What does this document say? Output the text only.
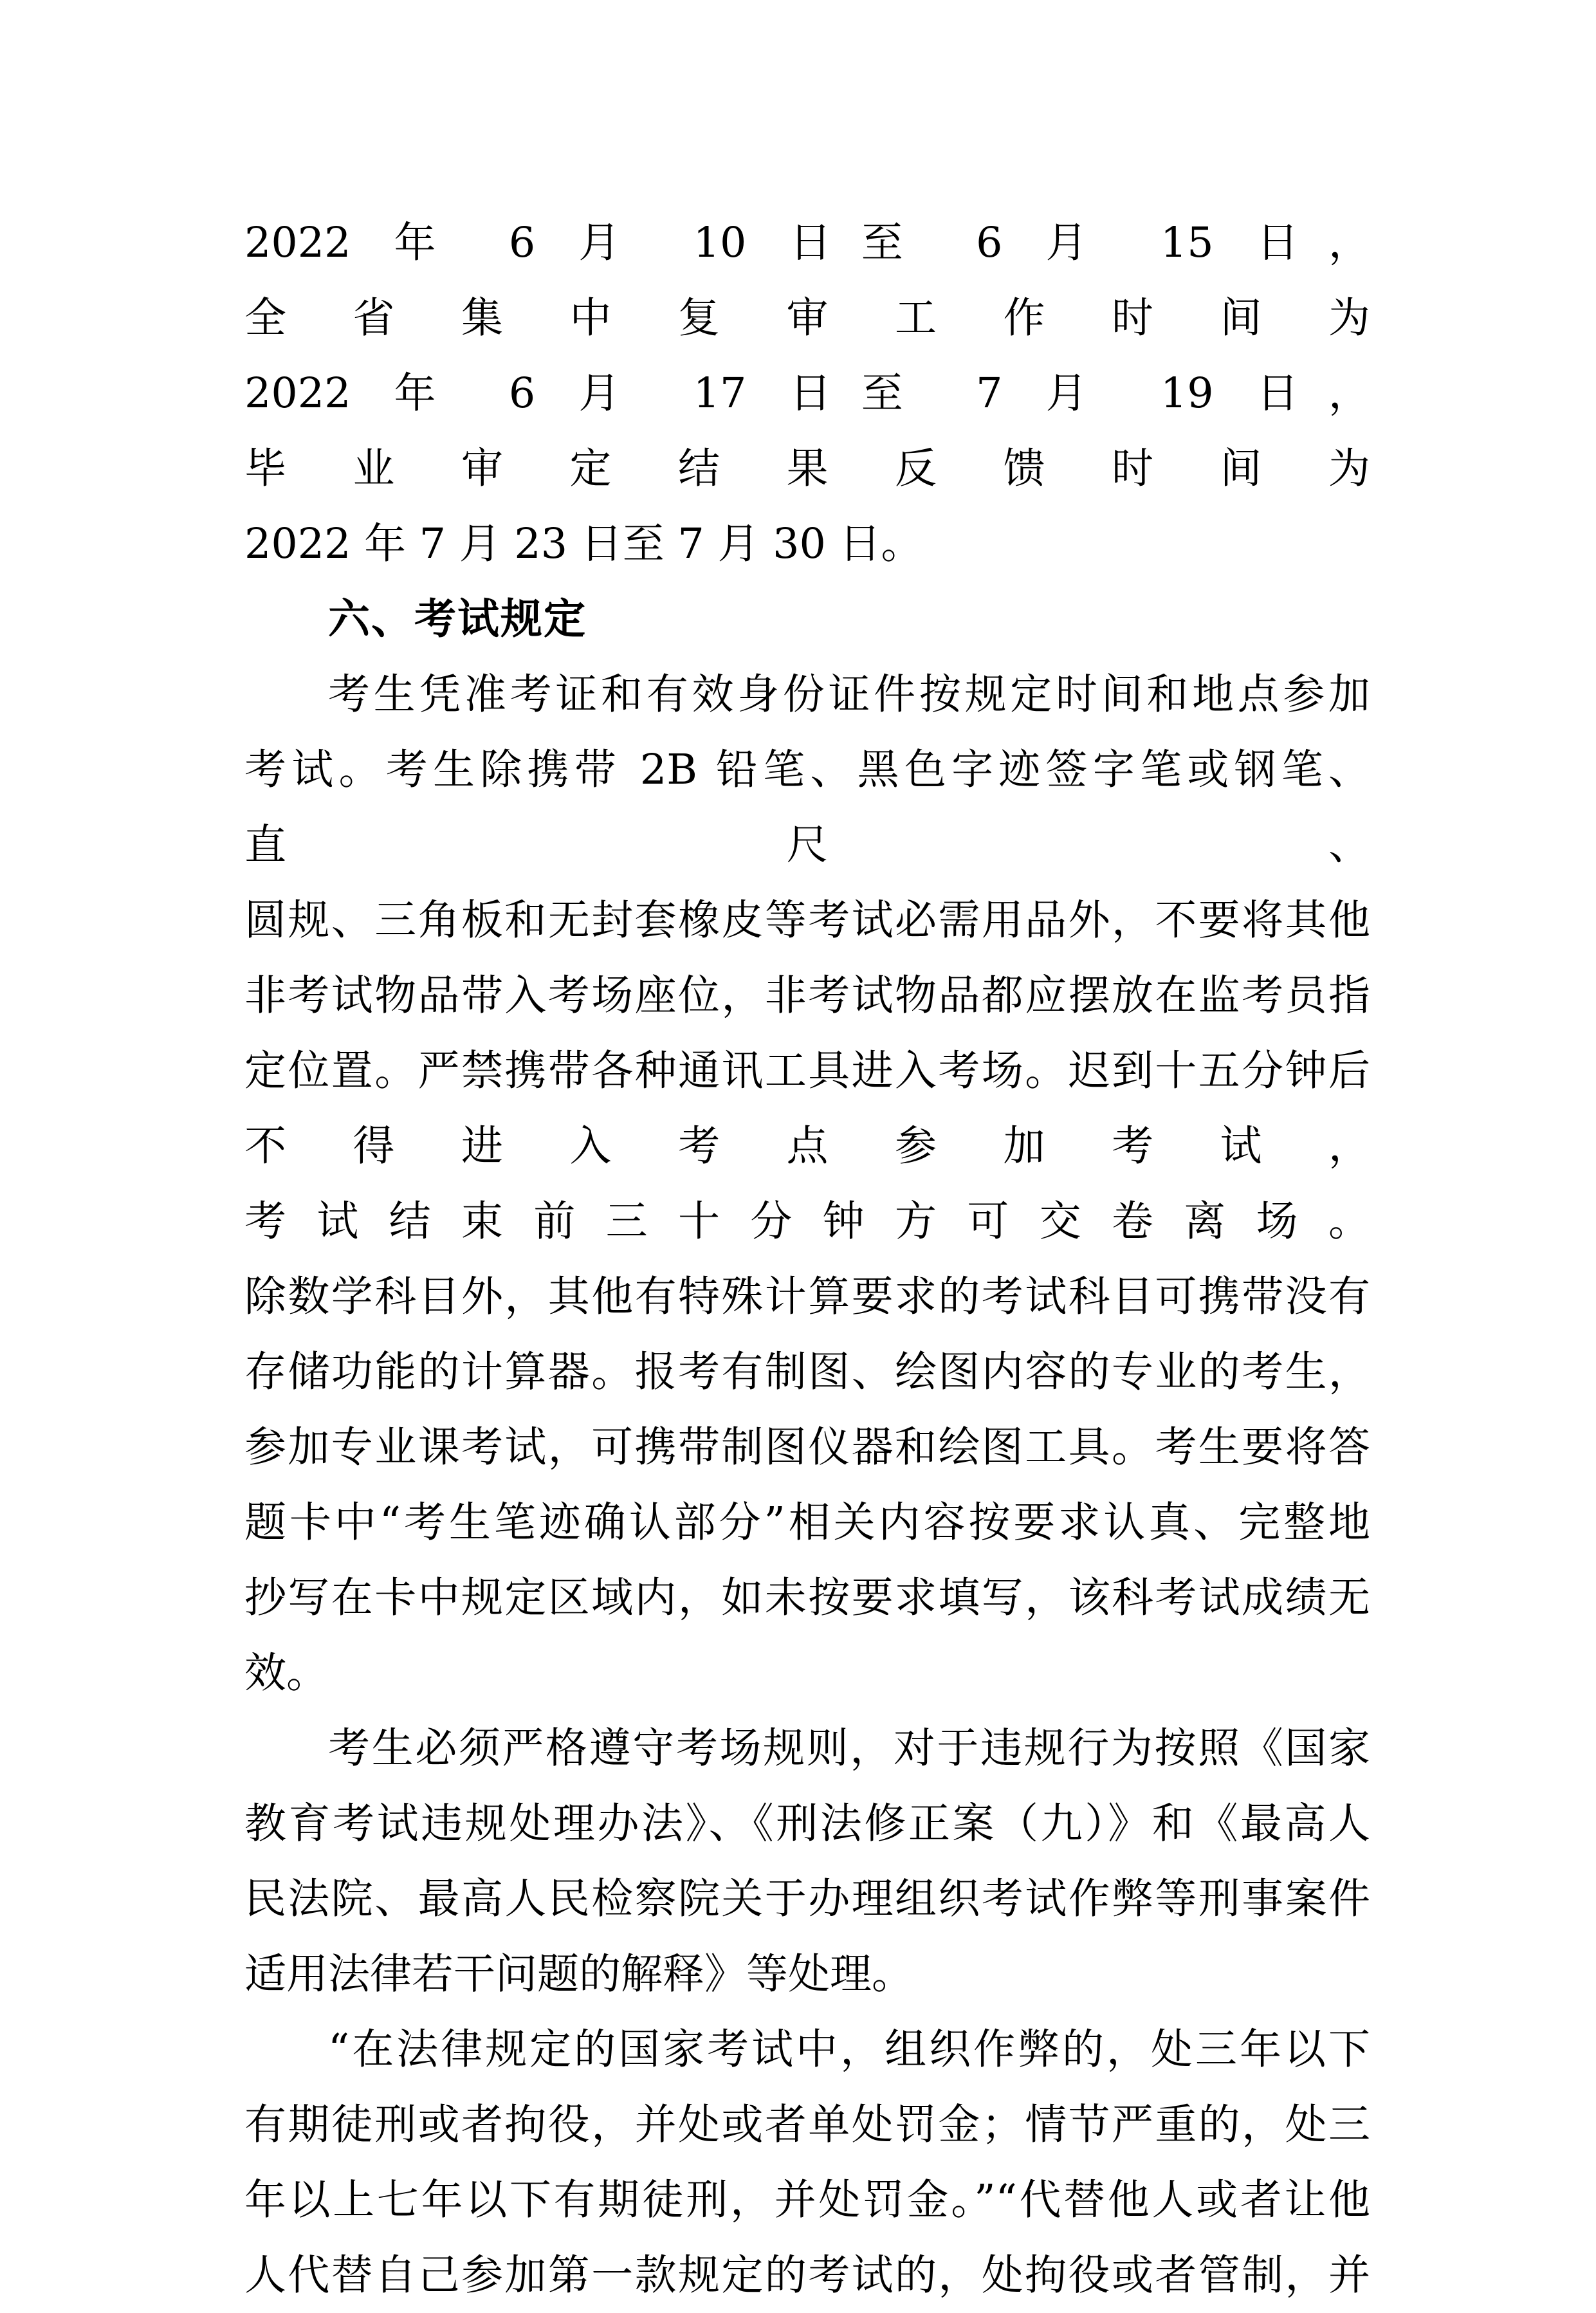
2022 年 6 月 10 日至 6 月 15 日，全省集中复审工作时间为
2022 年 6 月 17 日至 7 月 19 日，毕业审定结果反馈时间为
2022 年 7 月 23 日至 7 月 30 日。
六、考试规定
考生凭准考证和有效身份证件按规定时间和地点参加
考试。考生除携带 2B 铅笔、黑色字迹签字笔或钢笔、直尺、
圆规、三角板和无封套橡皮等考试必需用品外，不要将其他
非考试物品带入考场座位，非考试物品都应摆放在监考员指
定位置。严禁携带各种通讯工具进入考场。迟到十五分钟后
不得进入考点参加考试，考试结束前三十分钟方可交卷离场。
除数学科目外，其他有特殊计算要求的考试科目可携带没有
存储功能的计算器。报考有制图、绘图内容的专业的考生，
参加专业课考试，可携带制图仪器和绘图工具。考生要将答
题卡中“考生笔迹确认部分”相关内容按要求认真、完整地
抄写在卡中规定区域内，如未按要求填写，该科考试成绩无
效。
考生必须严格遵守考场规则，对于违规行为按照《国家
教育考试违规处理办法》、《刑法修正案（九）》和《最高人
民法院、最高人民检察院关于办理组织考试作弊等刑事案件
适用法律若干问题的解释》等处理。
“在法律规定的国家考试中，组织作弊的，处三年以下
有期徒刑或者拘役，并处或者单处罚金；情节严重的，处三
年以上七年以下有期徒刑，并处罚金。”“代替他人或者让他
人代替自己参加第一款规定的考试的，处拘役或者管制，并
